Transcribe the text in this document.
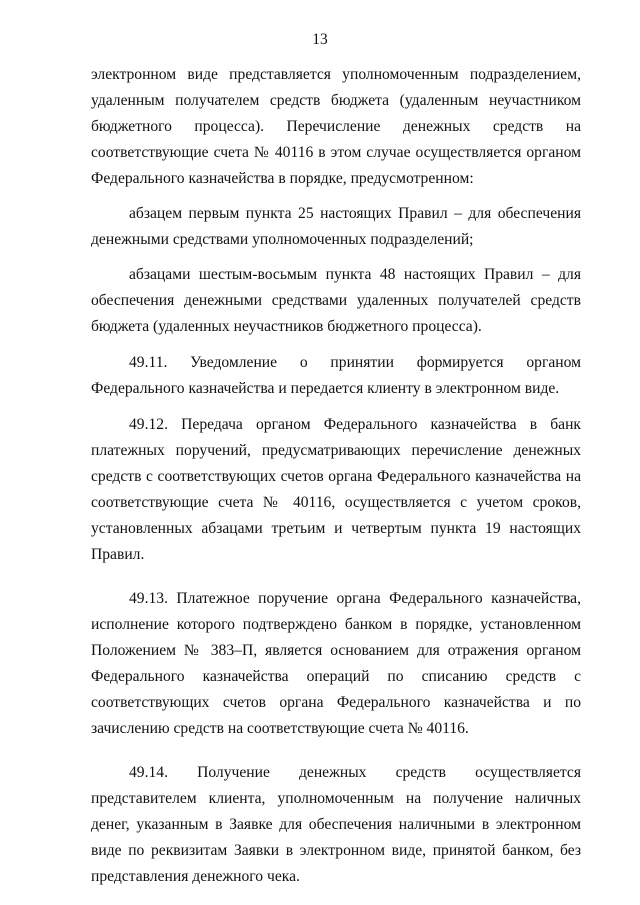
13

электронном виде представляется уполномоченным подразделением, удаленным получателем средств бюджета (удаленным неучастником бюджетного процесса). Перечисление денежных средств на соответствующие счета № 40116 в этом случае осуществляется органом Федерального казначейства в порядке, предусмотренном:

абзацем первым пункта 25 настоящих Правил – для обеспечения денежными средствами уполномоченных подразделений;

абзацами шестым-восьмым пункта 48 настоящих Правил – для обеспечения денежными средствами удаленных получателей средств бюджета (удаленных неучастников бюджетного процесса).

49.11. Уведомление о принятии формируется органом Федерального казначейства и передается клиенту в электронном виде.

49.12. Передача органом Федерального казначейства в банк платежных поручений, предусматривающих перечисление денежных средств с соответствующих счетов органа Федерального казначейства на соответствующие счета № 40116, осуществляется с учетом сроков, установленных абзацами третьим и четвертым пункта 19 настоящих Правил.

49.13. Платежное поручение органа Федерального казначейства, исполнение которого подтверждено банком в порядке, установленном Положением № 383–П, является основанием для отражения органом Федерального казначейства операций по списанию средств с соответствующих счетов органа Федерального казначейства и по зачислению средств на соответствующие счета № 40116.

49.14. Получение денежных средств осуществляется представителем клиента, уполномоченным на получение наличных денег, указанным в Заявке для обеспечения наличными в электронном виде по реквизитам Заявки в электронном виде, принятой банком, без представления денежного чека.
